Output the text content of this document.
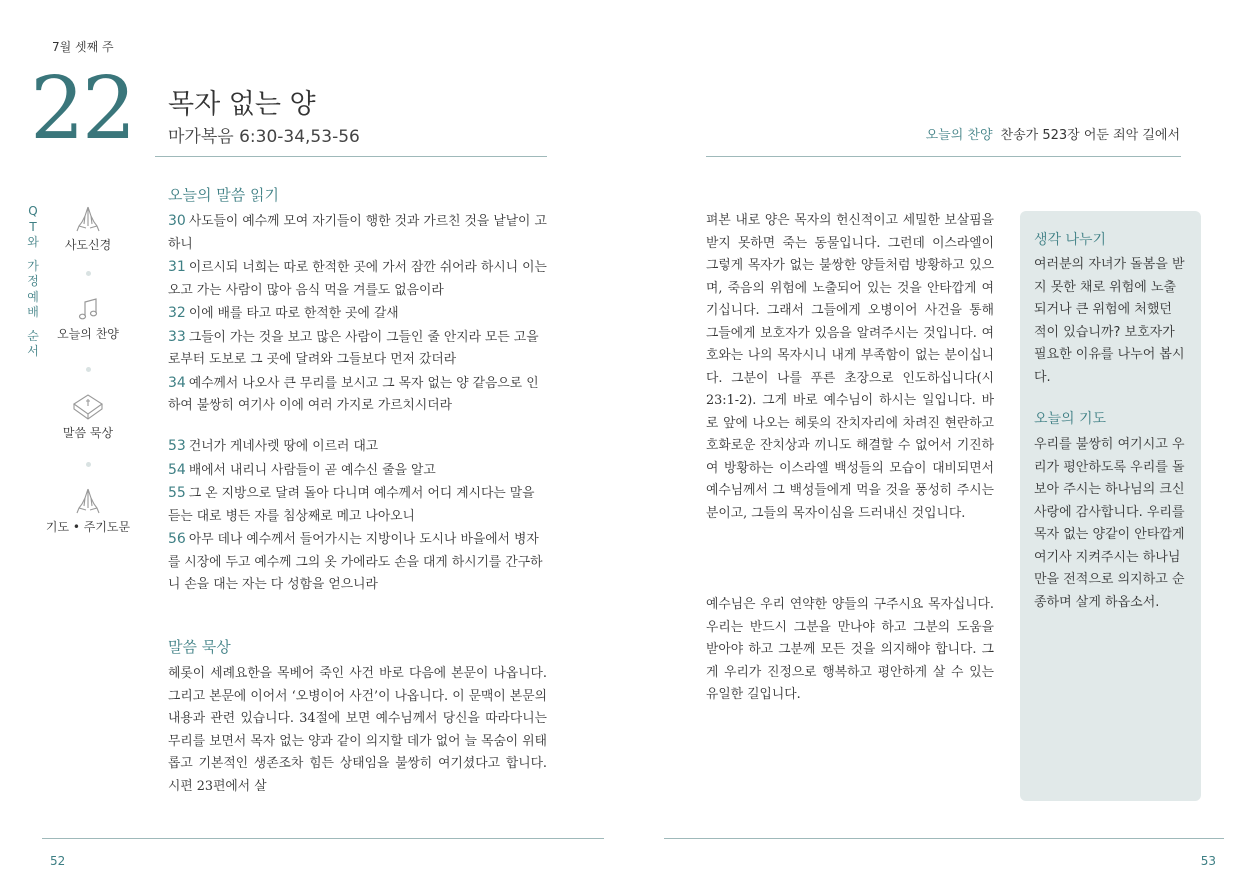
7월 셋째 주
22 목자 없는 양
마가복음 6:30-34,53-56	오늘의 찬양 찬송가 523장 어둔 죄악 길에서
Q
T
와
가
정
예
배
순
서
사도신경
오늘의 찬양
말씀 묵상
기도 • 주기도문
오늘의 말씀 읽기
30 사도들이 예수께 모여 자기들이 행한 것과 가르친 것을 낱낱이 고하니
31 이르시되 너희는 따로 한적한 곳에 가서 잠깐 쉬어라 하시니 이는 오고 가는 사람이 많아 음식 먹을 겨를도 없음이라
32 이에 배를 타고 따로 한적한 곳에 갈새
33 그들이 가는 것을 보고 많은 사람이 그들인 줄 안지라 모든 고을로부터 도보로 그 곳에 달려와 그들보다 먼저 갔더라
34 예수께서 나오사 큰 무리를 보시고 그 목자 없는 양 같음으로 인하여 불쌍히 여기사 이에 여러 가지로 가르치시더라
53 건너가 게네사렛 땅에 이르러 대고
54 배에서 내리니 사람들이 곧 예수신 줄을 알고
55 그 온 지방으로 달려 돌아 다니며 예수께서 어디 계시다는 말을 듣는 대로 병든 자를 침상째로 메고 나아오니
56 아무 데나 예수께서 들어가시는 지방이나 도시나 바을에서 병자를 시장에 두고 예수께 그의 옷 가에라도 손을 대게 하시기를 간구하니 손을 대는 자는 다 성함을 얻으니라
말씀 묵상
헤롯이 세례요한을 목베어 죽인 사건 바로 다음에 본문이 나옵니다. 그리고 본문에 이어서 ‘오병이어 사건’이 나옵니다. 이 문맥이 본문의 내용과 관련 있습니다. 34절에 보면 예수님께서 당신을 따라다니는 무리를 보면서 목자 없는 양과 같이 의지할 데가 없어 늘 목숨이 위태롭고 기본적인 생존조차 힘든 상태임을 불쌍히 여기셨다고 합니다. 시편 23편에서 살
펴본 내로 양은 목자의 헌신적이고 세밀한 보살핌을 받지 못하면 죽는 동물입니다. 그런데 이스라엘이 그렇게 목자가 없는 불쌍한 양들처럼 방황하고 있으며, 죽음의 위험에 노출되어 있는 것을 안타깝게 여기십니다. 그래서 그들에게 오병이어 사건을 통해 그들에게 보호자가 있음을 알려주시는 것입니다. 여호와는 나의 목자시니 내게 부족함이 없는 분이십니다. 그분이 나를 푸른 초장으로 인도하십니다(시23:1-2). 그게 바로 예수님이 하시는 일입니다. 바로 앞에 나오는 헤롯의 잔치자리에 차려진 현란하고 호화로운 잔치상과 끼니도 해결할 수 없어서 기진하여 방황하는 이스라엘 백성들의 모습이 대비되면서 예수님께서 그 백성들에게 먹을 것을 풍성히 주시는 분이고, 그들의 목자이심을 드러내신 것입니다.
예수님은 우리 연약한 양들의 구주시요 목자십니다. 우리는 반드시 그분을 만나야 하고 그분의 도움을 받아야 하고 그분께 모든 것을 의지해야 합니다. 그게 우리가 진정으로 행복하고 평안하게 살 수 있는 유일한 길입니다.
생각 나누기
여러분의 자녀가 돌봄을 받지 못한 채로 위험에 노출되거나 큰 위험에 처했던 적이 있습니까? 보호자가 필요한 이유를 나누어 봅시다.
오늘의 기도
우리를 불쌍히 여기시고 우리가 평안하도록 우리를 돌보아 주시는 하나님의 크신 사랑에 감사합니다. 우리를 목자 없는 양같이 안타깝게 여기사 지켜주시는 하나님만을 전적으로 의지하고 순종하며 살게 하옵소서.
52	53
